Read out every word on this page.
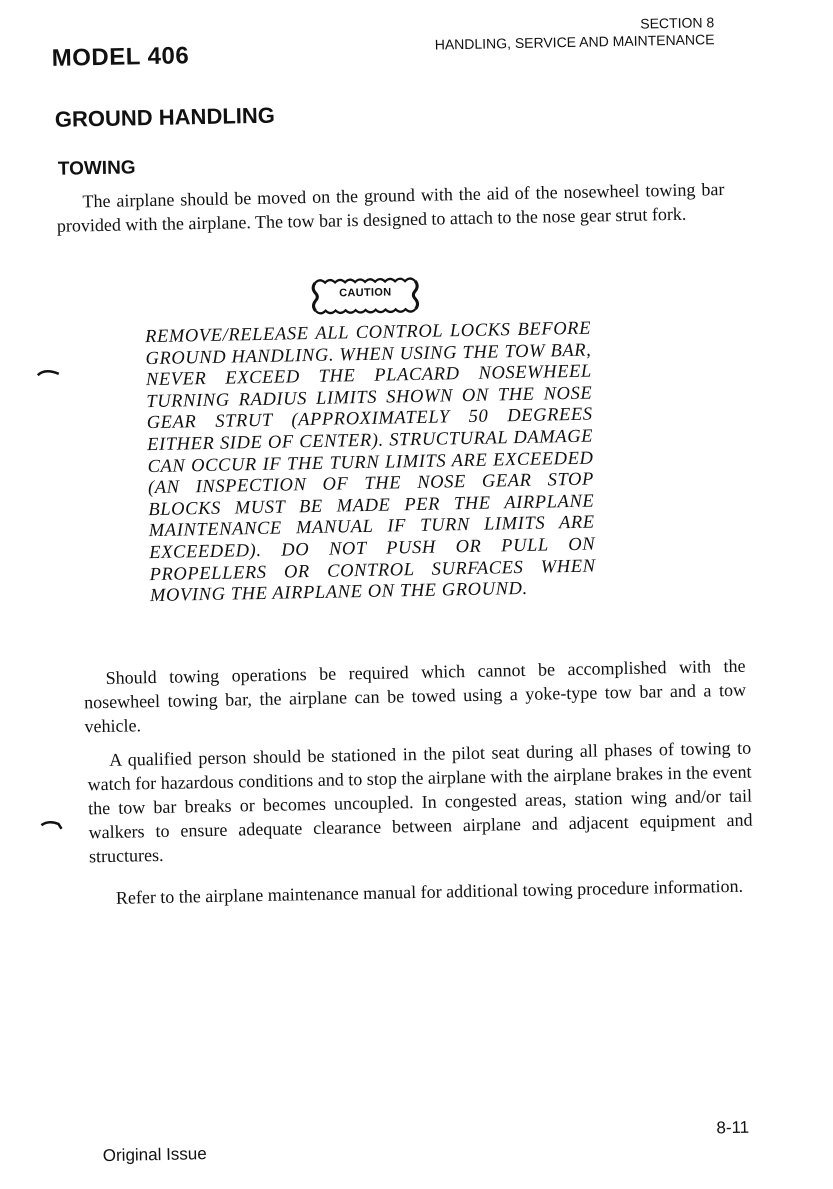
MODEL 406
SECTION 8
HANDLING, SERVICE AND MAINTENANCE
GROUND HANDLING
TOWING

The airplane should be moved on the ground with the aid of the nosewheel towing bar provided with the airplane. The tow bar is designed to attach to the nose gear strut fork.

CAUTION

REMOVE/RELEASE ALL CONTROL LOCKS BEFORE GROUND HANDLING. WHEN USING THE TOW BAR, NEVER EXCEED THE PLACARD NOSEWHEEL TURNING RADIUS LIMITS SHOWN ON THE NOSE GEAR STRUT (APPROXIMATELY 50 DEGREES EITHER SIDE OF CENTER). STRUCTURAL DAMAGE CAN OCCUR IF THE TURN LIMITS ARE EXCEEDED (AN INSPECTION OF THE NOSE GEAR STOP BLOCKS MUST BE MADE PER THE AIRPLANE MAINTENANCE MANUAL IF TURN LIMITS ARE EXCEEDED). DO NOT PUSH OR PULL ON PROPELLERS OR CONTROL SURFACES WHEN MOVING THE AIRPLANE ON THE GROUND.

Should towing operations be required which cannot be accomplished with the nosewheel towing bar, the airplane can be towed using a yoke-type tow bar and a tow vehicle.

A qualified person should be stationed in the pilot seat during all phases of towing to watch for hazardous conditions and to stop the airplane with the airplane brakes in the event the tow bar breaks or becomes uncoupled. In congested areas, station wing and/or tail walkers to ensure adequate clearance between airplane and adjacent equipment and structures.

Refer to the airplane maintenance manual for additional towing procedure information.

Original Issue
8-11
